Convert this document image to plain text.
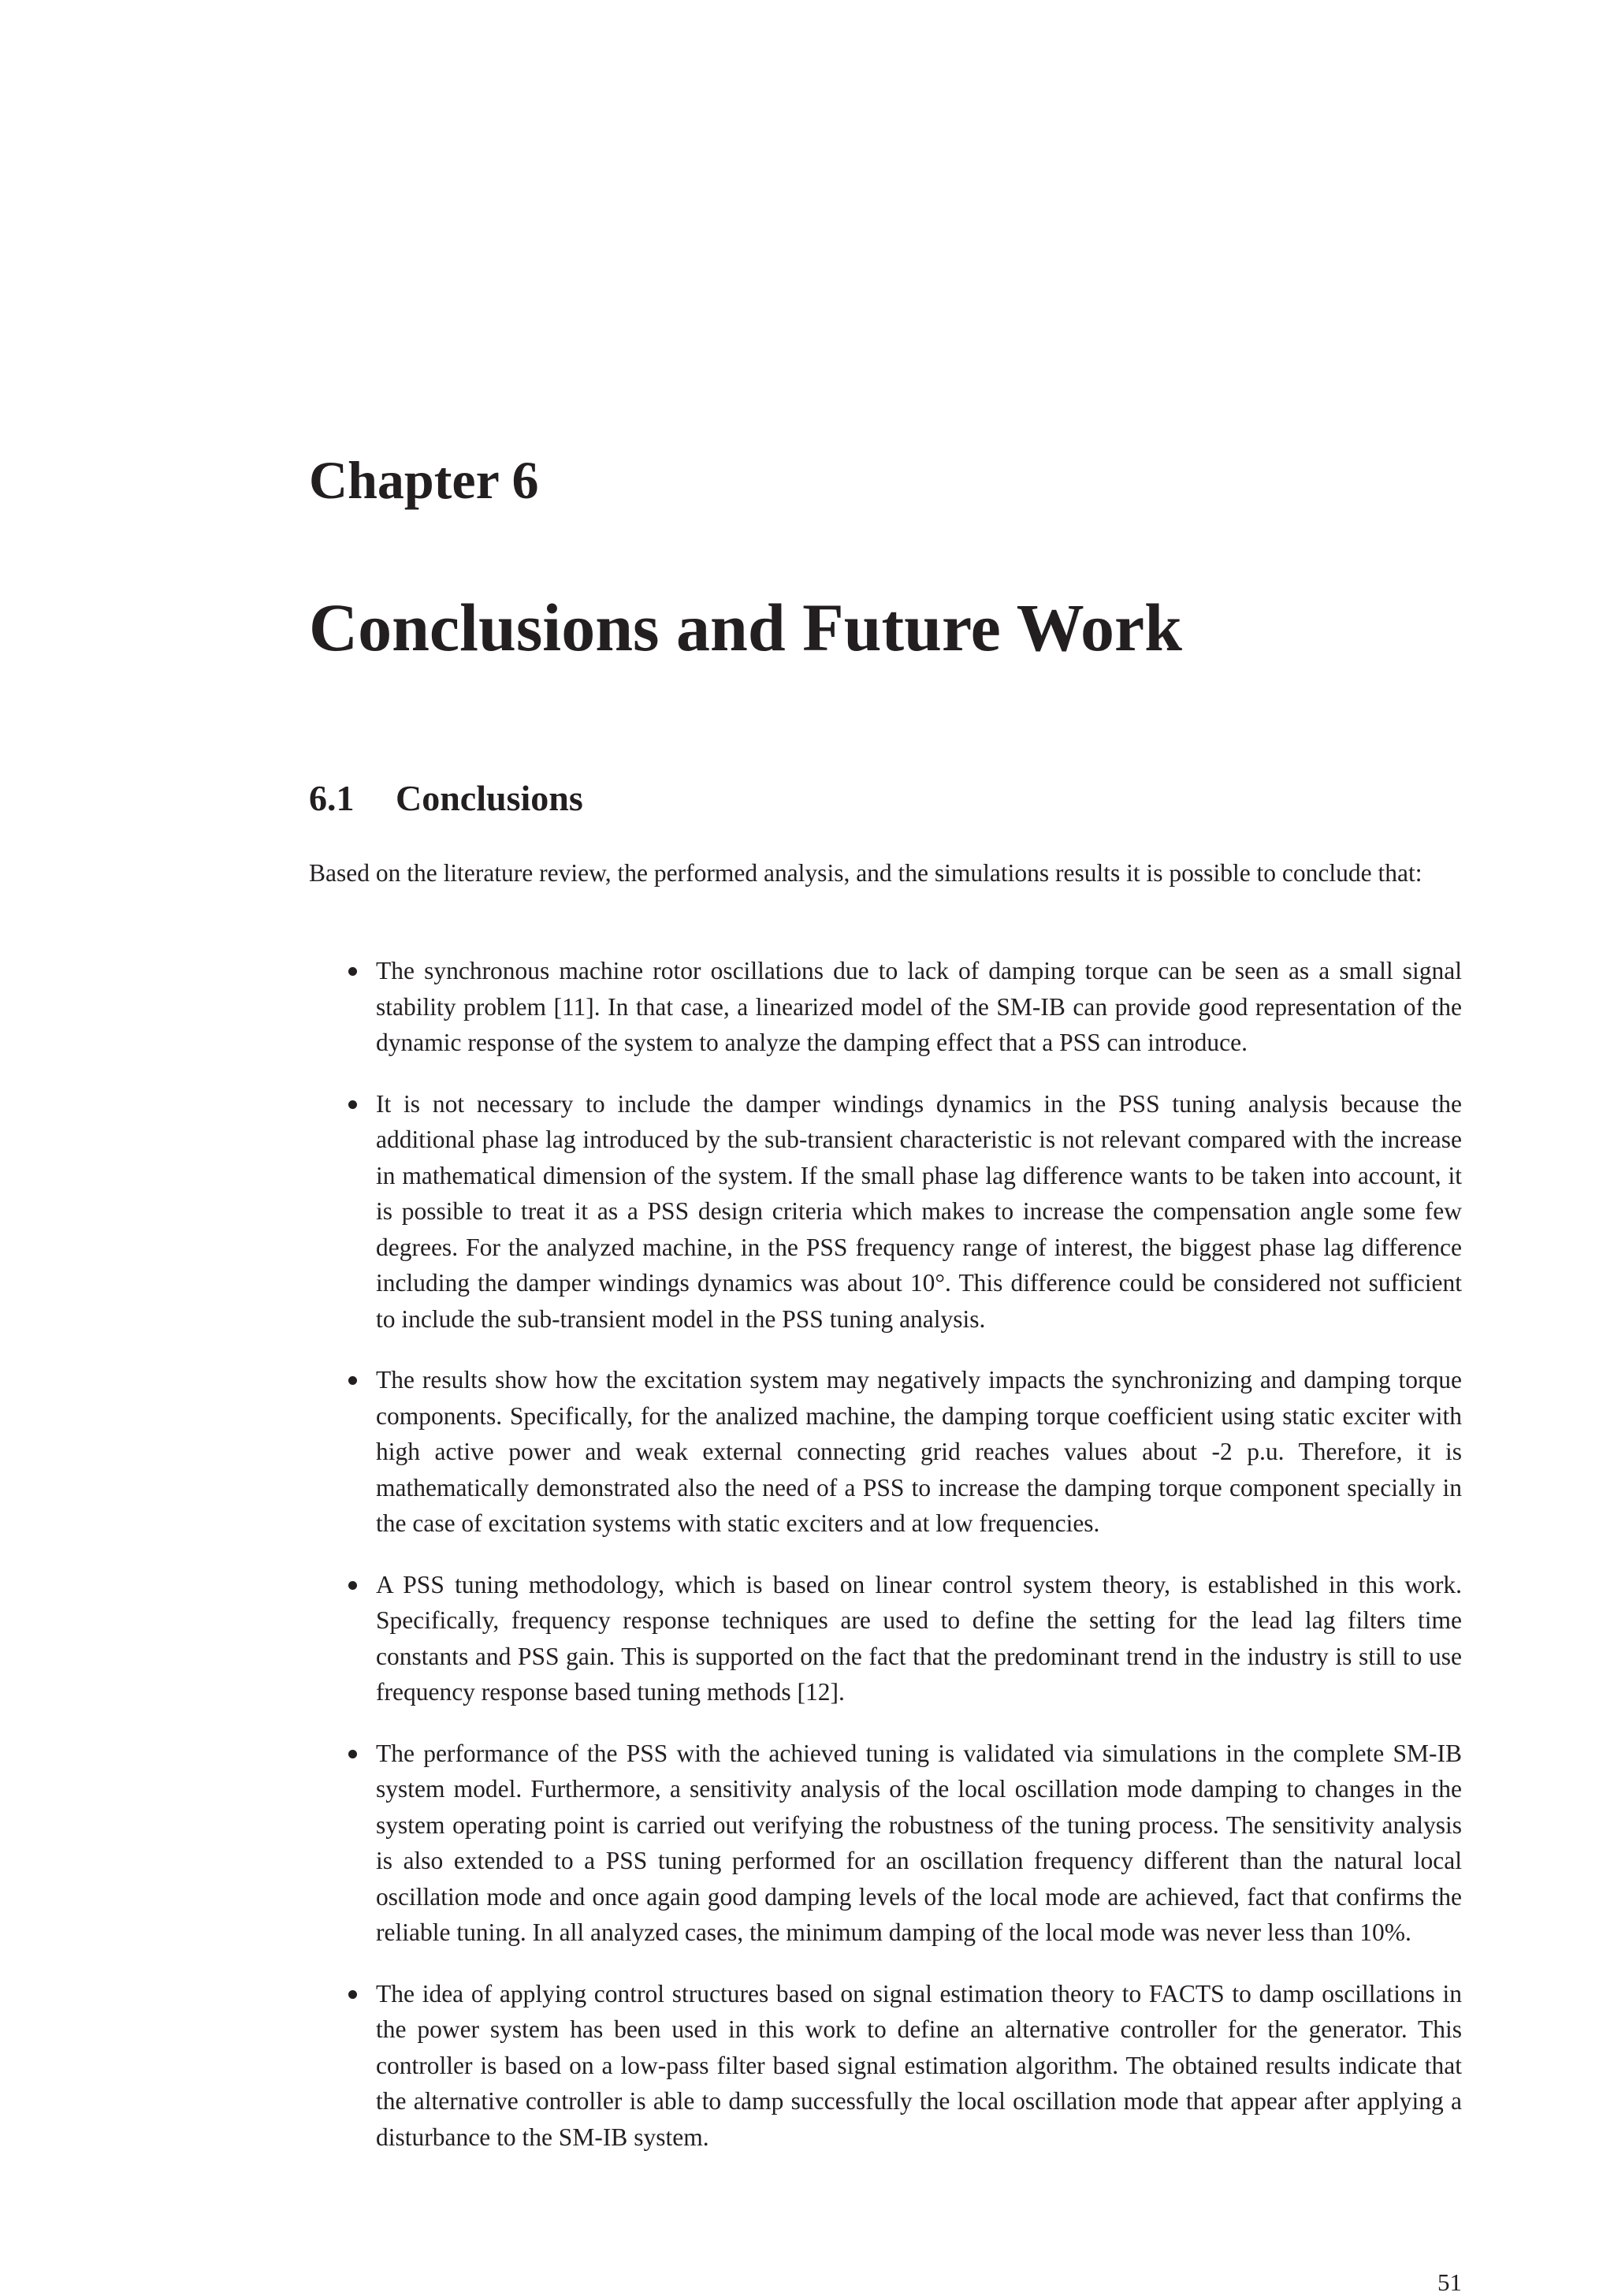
Chapter 6
Conclusions and Future Work
6.1 Conclusions

Based on the literature review, the performed analysis, and the simulations results it is possible to conclude that:

The synchronous machine rotor oscillations due to lack of damping torque can be seen as a small signal stability problem [11]. In that case, a linearized model of the SM-IB can provide good representation of the dynamic response of the system to analyze the damping effect that a PSS can introduce.
It is not necessary to include the damper windings dynamics in the PSS tuning analysis because the additional phase lag introduced by the sub-transient characteristic is not relevant compared with the increase in mathematical dimension of the system. If the small phase lag difference wants to be taken into account, it is possible to treat it as a PSS design criteria which makes to increase the compensation angle some few degrees. For the analyzed machine, in the PSS frequency range of interest, the biggest phase lag difference including the damper windings dynamics was about 10°. This difference could be considered not sufficient to include the sub-transient model in the PSS tuning analysis.
The results show how the excitation system may negatively impacts the synchronizing and damping torque components. Specifically, for the analized machine, the damping torque coefficient using static exciter with high active power and weak external connecting grid reaches values about -2 p.u. Therefore, it is mathematically demonstrated also the need of a PSS to increase the damping torque component specially in the case of excitation systems with static exciters and at low frequencies.
A PSS tuning methodology, which is based on linear control system theory, is established in this work. Specifically, frequency response techniques are used to define the setting for the lead lag filters time constants and PSS gain. This is supported on the fact that the predominant trend in the industry is still to use frequency response based tuning methods [12].
The performance of the PSS with the achieved tuning is validated via simulations in the complete SM-IB system model. Furthermore, a sensitivity analysis of the local oscillation mode damping to changes in the system operating point is carried out verifying the robustness of the tuning process. The sensitivity analysis is also extended to a PSS tuning performed for an oscillation frequency different than the natural local oscillation mode and once again good damping levels of the local mode are achieved, fact that confirms the reliable tuning. In all analyzed cases, the minimum damping of the local mode was never less than 10%.
The idea of applying control structures based on signal estimation theory to FACTS to damp oscillations in the power system has been used in this work to define an alternative controller for the generator. This controller is based on a low-pass filter based signal estimation algorithm. The obtained results indicate that the alternative controller is able to damp successfully the local oscillation mode that appear after applying a disturbance to the SM-IB system.
51
